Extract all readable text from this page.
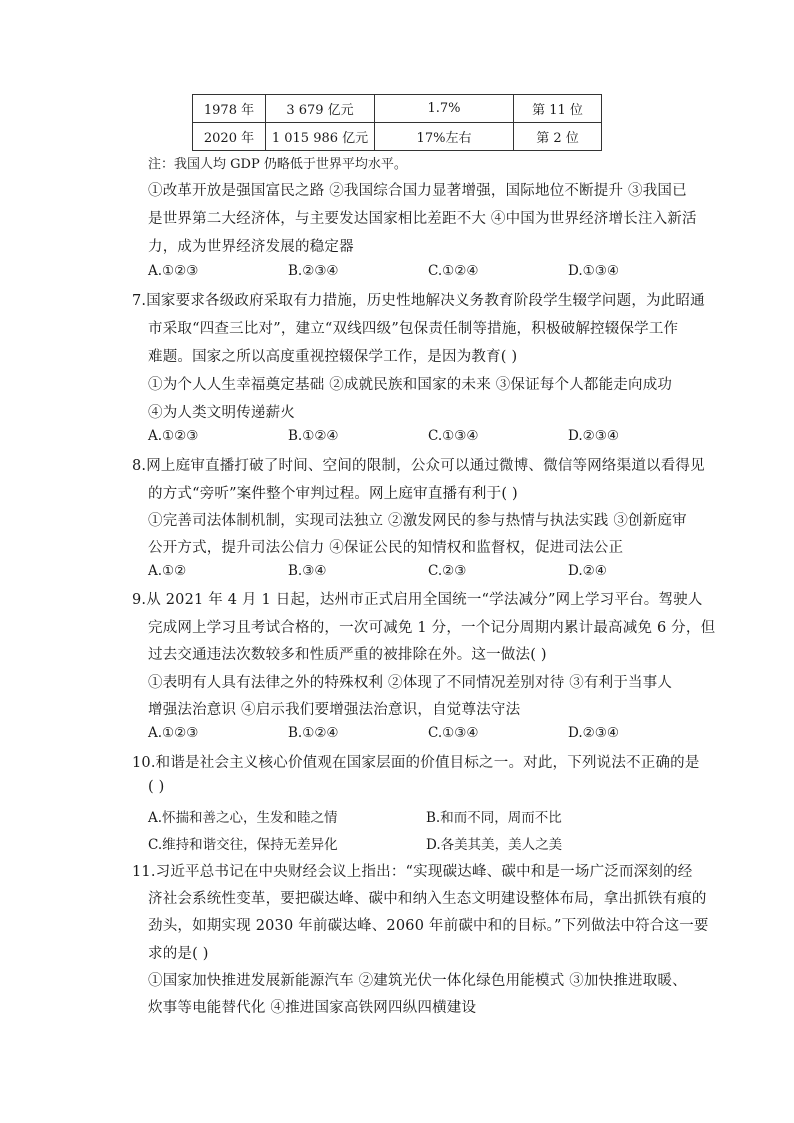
1978 年	3 679 亿元	1.7%	第 11 位
2020 年	1 015 986 亿元	17%左右	第 2 位
注：我国人均 GDP 仍略低于世界平均水平。
①改革开放是强国富民之路 ②我国综合国力显著增强，国际地位不断提升 ③我国已
是世界第二大经济体，与主要发达国家相比差距不大 ④中国为世界经济增长注入新活
力，成为世界经济发展的稳定器
A.①②③	B.②③④	C.①②④	D.①③④
7.国家要求各级政府采取有力措施，历史性地解决义务教育阶段学生辍学问题，为此昭通
市采取“四查三比对”，建立“双线四级”包保责任制等措施，积极破解控辍保学工作
难题。国家之所以高度重视控辍保学工作，是因为教育( )
①为个人人生幸福奠定基础 ②成就民族和国家的未来 ③保证每个人都能走向成功
④为人类文明传递薪火
A.①②③	B.①②④	C.①③④	D.②③④
8.网上庭审直播打破了时间、空间的限制，公众可以通过微博、微信等网络渠道以看得见
的方式“旁听”案件整个审判过程。网上庭审直播有利于( )
①完善司法体制机制，实现司法独立 ②激发网民的参与热情与执法实践 ③创新庭审
公开方式，提升司法公信力 ④保证公民的知情权和监督权，促进司法公正
A.①②	B.③④	C.②③	D.②④
9.从 2021 年 4 月 1 日起，达州市正式启用全国统一“学法减分”网上学习平台。驾驶人
完成网上学习且考试合格的，一次可减免 1 分，一个记分周期内累计最高减免 6 分，但
过去交通违法次数较多和性质严重的被排除在外。这一做法( )
①表明有人具有法律之外的特殊权利 ②体现了不同情况差别对待 ③有利于当事人
增强法治意识 ④启示我们要增强法治意识，自觉尊法守法
A.①②③	B.①②④	C.①③④	D.②③④
10.和谐是社会主义核心价值观在国家层面的价值目标之一。对此，下列说法不正确的是
( )
A.怀揣和善之心，生发和睦之情	B.和而不同，周而不比
C.维持和谐交往，保持无差异化	D.各美其美，美人之美
11.习近平总书记在中央财经会议上指出：“实现碳达峰、碳中和是一场广泛而深刻的经
济社会系统性变革，要把碳达峰、碳中和纳入生态文明建设整体布局，拿出抓铁有痕的
劲头，如期实现 2030 年前碳达峰、2060 年前碳中和的目标。”下列做法中符合这一要
求的是( )
①国家加快推进发展新能源汽车 ②建筑光伏一体化绿色用能模式 ③加快推进取暖、
炊事等电能替代化 ④推进国家高铁网四纵四横建设
